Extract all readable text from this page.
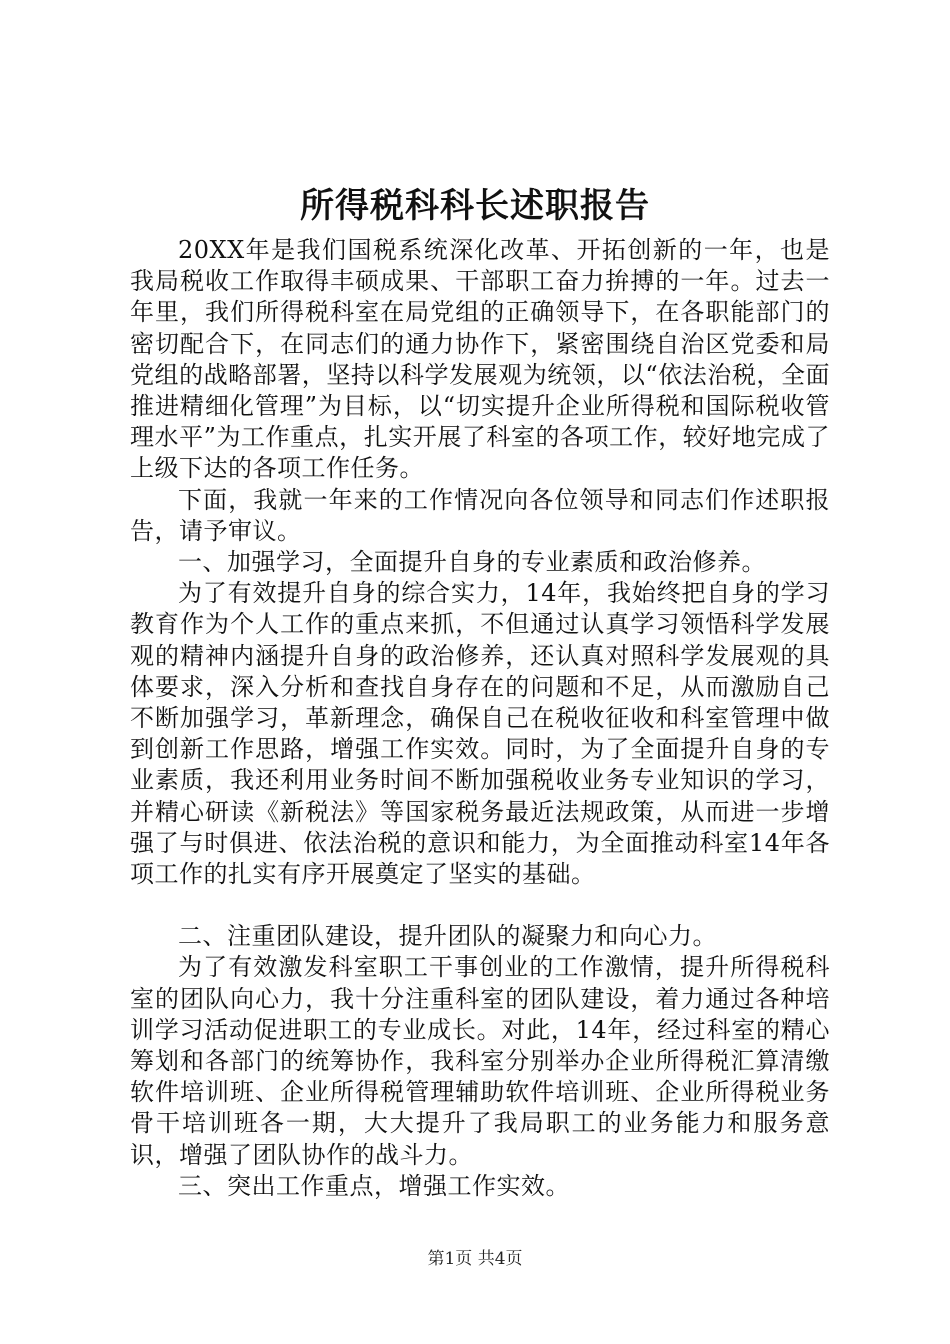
所得税科科长述职报告

20XX年是我们国税系统深化改革、开拓创新的一年，也是我局税收工作取得丰硕成果、干部职工奋力拚搏的一年。过去一年里，我们所得税科室在局党组的正确领导下，在各职能部门的密切配合下，在同志们的通力协作下，紧密围绕自治区党委和局党组的战略部署，坚持以科学发展观为统领，以“依法治税，全面推进精细化管理”为目标，以“切实提升企业所得税和国际税收管理水平”为工作重点，扎实开展了科室的各项工作，较好地完成了上级下达的各项工作任务。

下面，我就一年来的工作情况向各位领导和同志们作述职报告，请予审议。

一、加强学习，全面提升自身的专业素质和政治修养。

为了有效提升自身的综合实力，14年，我始终把自身的学习教育作为个人工作的重点来抓，不但通过认真学习领悟科学发展观的精神内涵提升自身的政治修养，还认真对照科学发展观的具体要求，深入分析和查找自身存在的问题和不足，从而激励自己不断加强学习，革新理念，确保自己在税收征收和科室管理中做到创新工作思路，增强工作实效。同时，为了全面提升自身的专业素质，我还利用业务时间不断加强税收业务专业知识的学习，并精心研读《新税法》等国家税务最近法规政策，从而进一步增强了与时俱进、依法治税的意识和能力，为全面推动科室14年各项工作的扎实有序开展奠定了坚实的基础。

二、注重团队建设，提升团队的凝聚力和向心力。

为了有效激发科室职工干事创业的工作激情，提升所得税科室的团队向心力，我十分注重科室的团队建设，着力通过各种培训学习活动促进职工的专业成长。对此，14年，经过科室的精心筹划和各部门的统筹协作，我科室分别举办企业所得税汇算清缴软件培训班、企业所得税管理辅助软件培训班、企业所得税业务骨干培训班各一期，大大提升了我局职工的业务能力和服务意识，增强了团队协作的战斗力。

三、突出工作重点，增强工作实效。

第1页 共4页
